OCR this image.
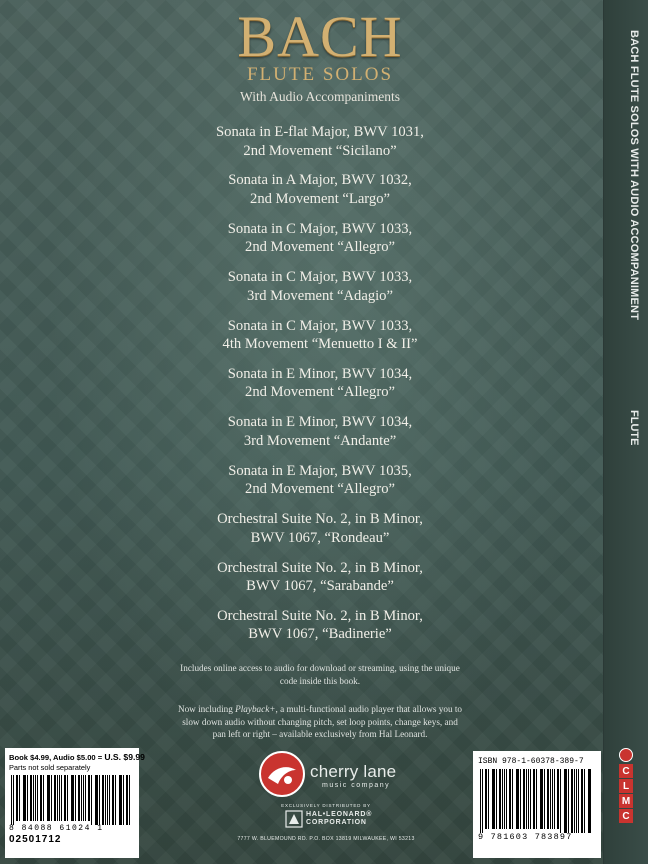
BACH
FLUTE SOLOS
With Audio Accompaniments
Sonata in E-flat Major, BWV 1031,
2nd Movement “Sicilano”
Sonata in A Major, BWV 1032,
2nd Movement “Largo”
Sonata in C Major, BWV 1033,
2nd Movement “Allegro”
Sonata in C Major, BWV 1033,
3rd Movement “Adagio”
Sonata in C Major, BWV 1033,
4th Movement “Menuetto I & II”
Sonata in E Minor, BWV 1034,
2nd Movement “Allegro”
Sonata in E Minor, BWV 1034,
3rd Movement “Andante”
Sonata in E Major, BWV 1035,
2nd Movement “Allegro”
Orchestral Suite No. 2, in B Minor,
BWV 1067, “Rondeau”
Orchestral Suite No. 2, in B Minor,
BWV 1067, “Sarabande”
Orchestral Suite No. 2, in B Minor,
BWV 1067, “Badinerie”
Includes online access to audio for download or streaming, using the unique
code inside this book.
Now including Playback+, a multi-functional audio player that allows you to
slow down audio without changing pitch, set loop points, change keys, and
pan left or right – available exclusively from Hal Leonard.
Book $4.99, Audio $5.00 = U.S. $9.99
Parts not sold separately
8 84088 61024 1
02501712
cherry lane
music company
EXCLUSIVELY DISTRIBUTED BY
HAL•LEONARD®
CORPORATION
7777 W. BLUEMOUND RD. P.O. BOX 13819 MILWAUKEE, WI 53213
ISBN 978-1-60378-389-7
9 781603 783897
BACH FLUTE SOLOS WITH AUDIO ACCOMPANIMENT
FLUTE
C
L
M
C
